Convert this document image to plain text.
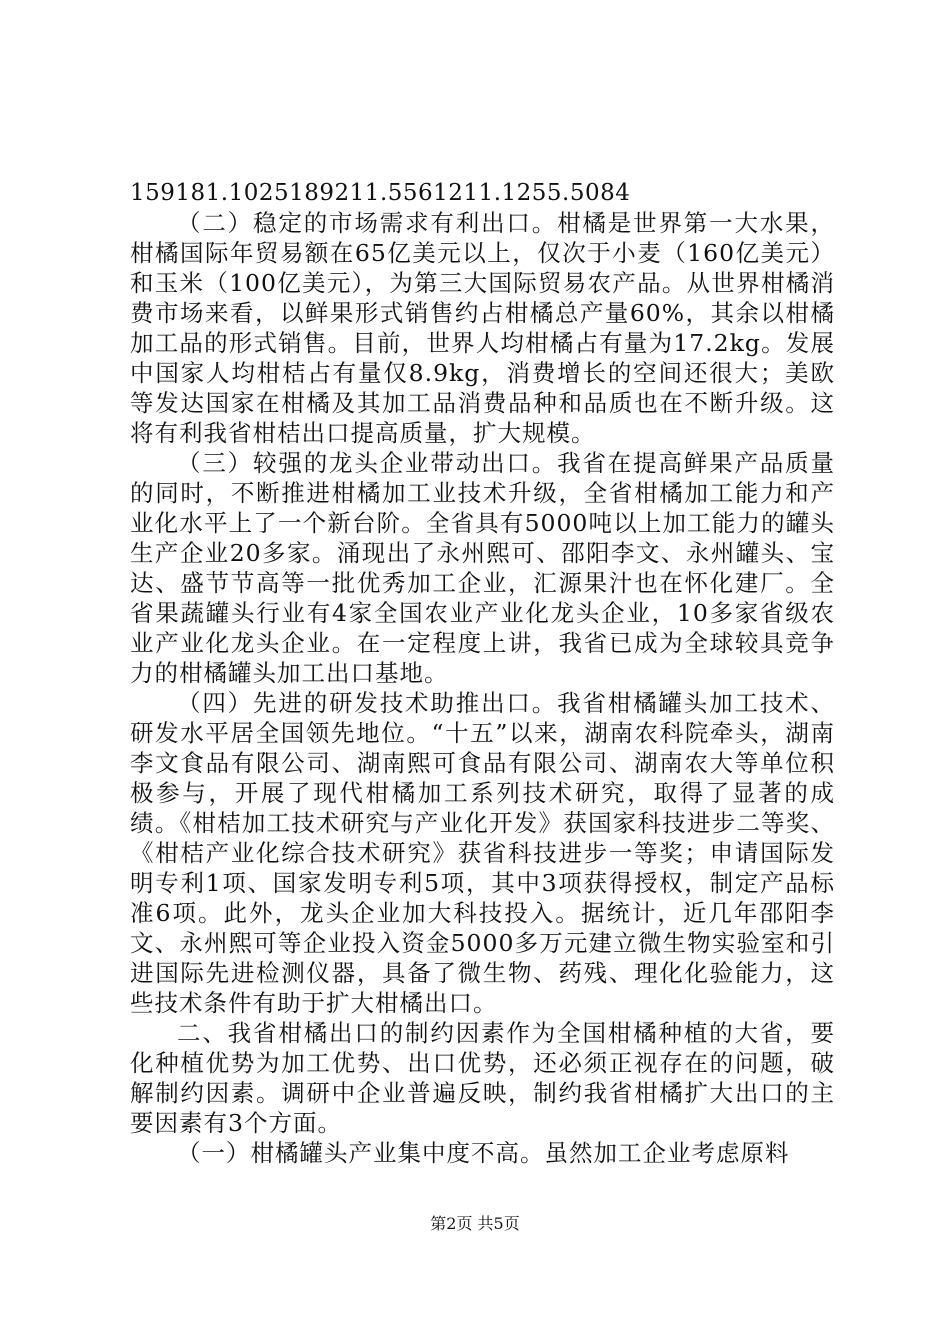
159181.1025189211.5561211.1255.5084

（二）稳定的市场需求有利出口。柑橘是世界第一大水果，柑橘国际年贸易额在65亿美元以上，仅次于小麦（160亿美元）和玉米（100亿美元），为第三大国际贸易农产品。从世界柑橘消费市场来看，以鲜果形式销售约占柑橘总产量60%，其余以柑橘加工品的形式销售。目前，世界人均柑橘占有量为17.2kg。发展中国家人均柑桔占有量仅8.9kg，消费增长的空间还很大；美欧等发达国家在柑橘及其加工品消费品种和品质也在不断升级。这将有利我省柑桔出口提高质量，扩大规模。

（三）较强的龙头企业带动出口。我省在提高鲜果产品质量的同时，不断推进柑橘加工业技术升级，全省柑橘加工能力和产业化水平上了一个新台阶。全省具有5000吨以上加工能力的罐头生产企业20多家。涌现出了永州熙可、邵阳李文、永州罐头、宝达、盛节节高等一批优秀加工企业，汇源果汁也在怀化建厂。全省果蔬罐头行业有4家全国农业产业化龙头企业，10多家省级农业产业化龙头企业。在一定程度上讲，我省已成为全球较具竞争力的柑橘罐头加工出口基地。

（四）先进的研发技术助推出口。我省柑橘罐头加工技术、研发水平居全国领先地位。“十五”以来，湖南农科院牵头，湖南李文食品有限公司、湖南熙可食品有限公司、湖南农大等单位积极参与，开展了现代柑橘加工系列技术研究，取得了显著的成绩。《柑桔加工技术研究与产业化开发》获国家科技进步二等奖、《柑桔产业化综合技术研究》获省科技进步一等奖；申请国际发明专利1项、国家发明专利5项，其中3项获得授权，制定产品标准6项。此外，龙头企业加大科技投入。据统计，近几年邵阳李文、永州熙可等企业投入资金5000多万元建立微生物实验室和引进国际先进检测仪器，具备了微生物、药残、理化化验能力，这些技术条件有助于扩大柑橘出口。

二、我省柑橘出口的制约因素作为全国柑橘种植的大省，要化种植优势为加工优势、出口优势，还必须正视存在的问题，破解制约因素。调研中企业普遍反映，制约我省柑橘扩大出口的主要因素有3个方面。

（一）柑橘罐头产业集中度不高。虽然加工企业考虑原料

第2页 共5页
